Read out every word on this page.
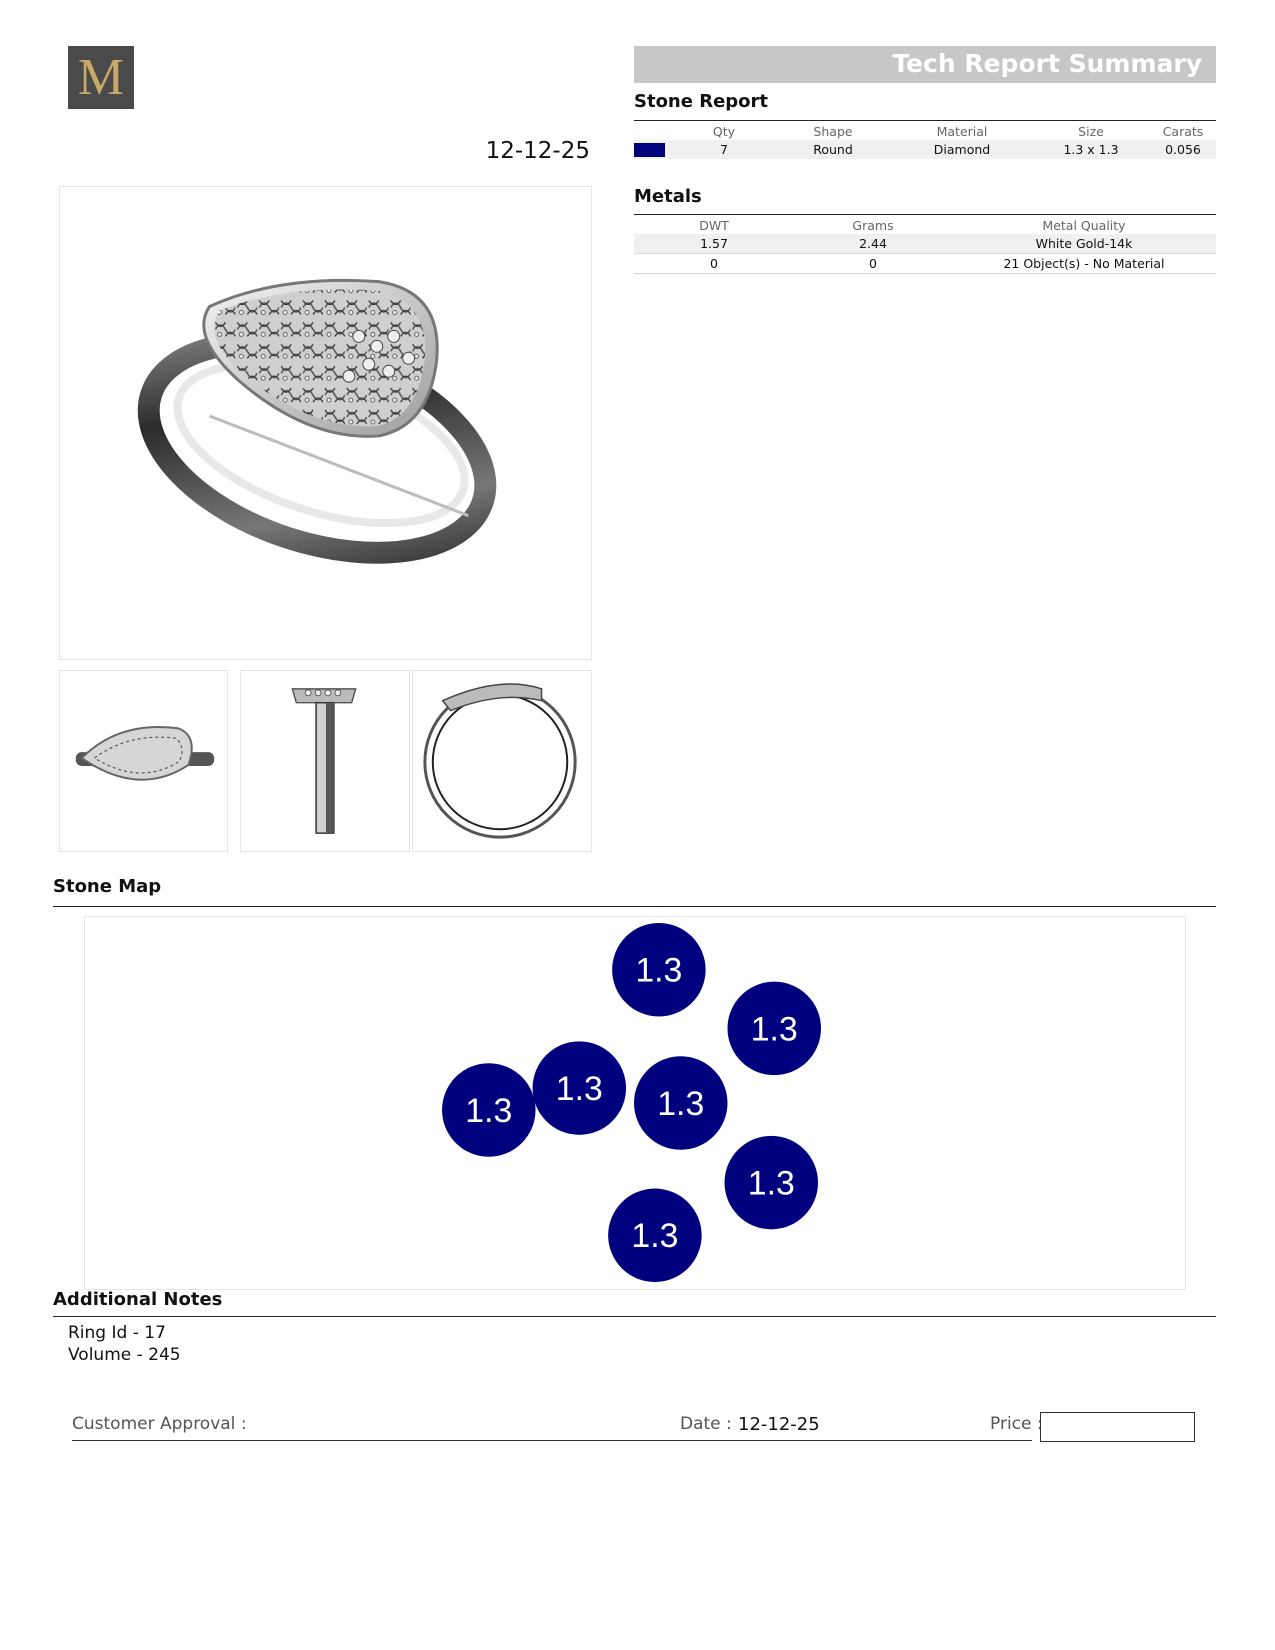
M
12-12-25
Tech Report Summary
Stone Report
	Qty	Shape	Material	Size	Carats
	7	Round	Diamond	1.3 x 1.3	0.056
Metals
DWT	Grams	Metal Quality
1.57	2.44	White Gold-14k
0	0	21 Object(s) - No Material
Stone Map
1.3
1.3
1.3
1.3 1.3
1.3
1.3
Additional Notes
Ring Id - 17
Volume - 245
Customer Approval :	Date : 12-12-25	Price :
